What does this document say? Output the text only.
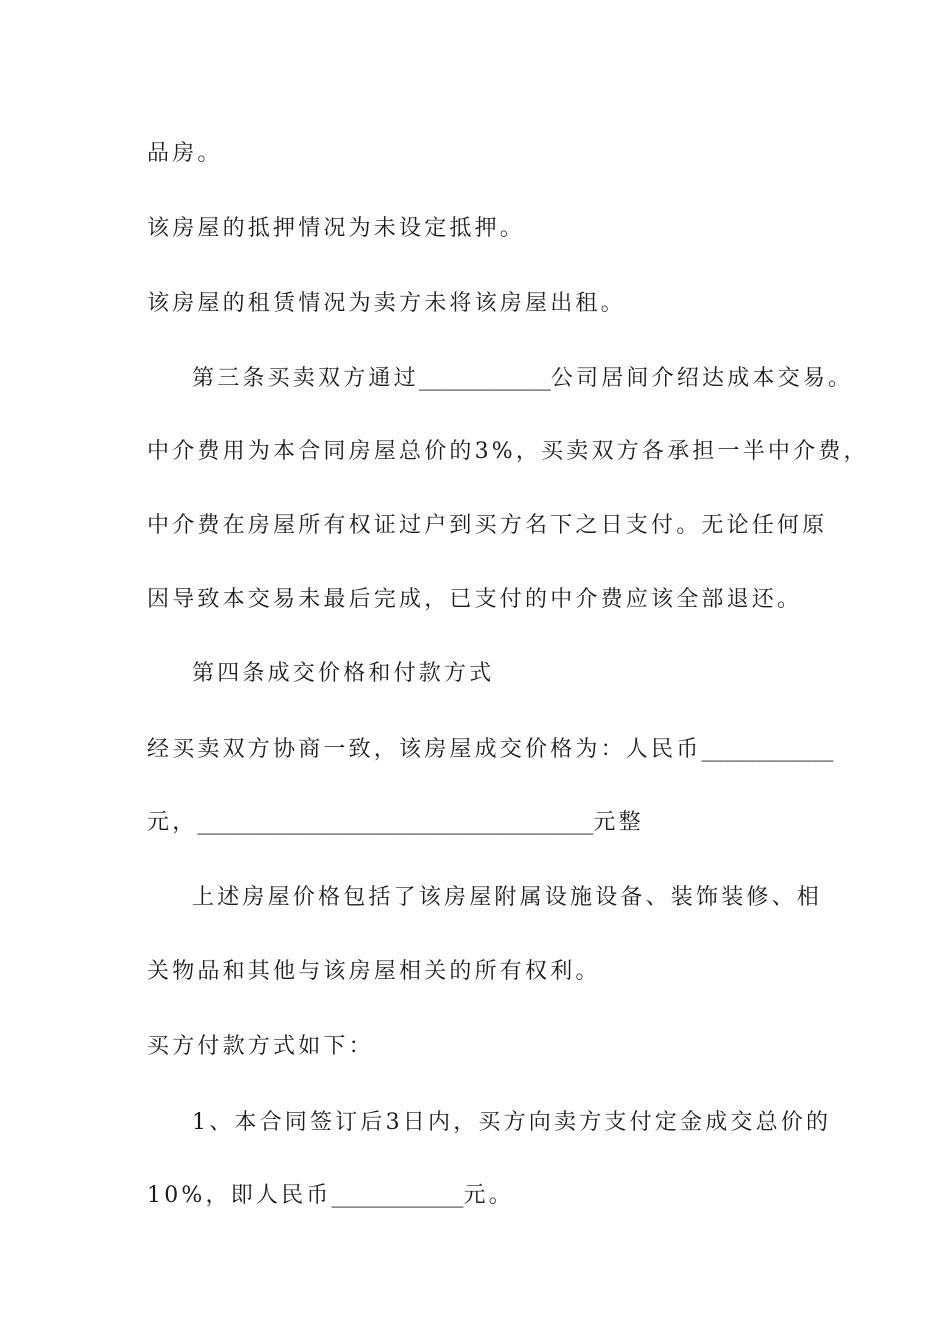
品房。
该房屋的抵押情况为未设定抵押。
该房屋的租赁情况为卖方未将该房屋出租。
第三条买卖双方通过____________公司居间介绍达成本交易。
中介费用为本合同房屋总价的3%，买卖双方各承担一半中介费，
中介费在房屋所有权证过户到买方名下之日支付。无论任何原
因导致本交易未最后完成，已支付的中介费应该全部退还。
第四条成交价格和付款方式
经买卖双方协商一致，该房屋成交价格为：人民币____________
元，____________________________________元整
上述房屋价格包括了该房屋附属设施设备、装饰装修、相
关物品和其他与该房屋相关的所有权利。
买方付款方式如下：
1、本合同签订后3日内，买方向卖方支付定金成交总价的
10%，即人民币____________元。
